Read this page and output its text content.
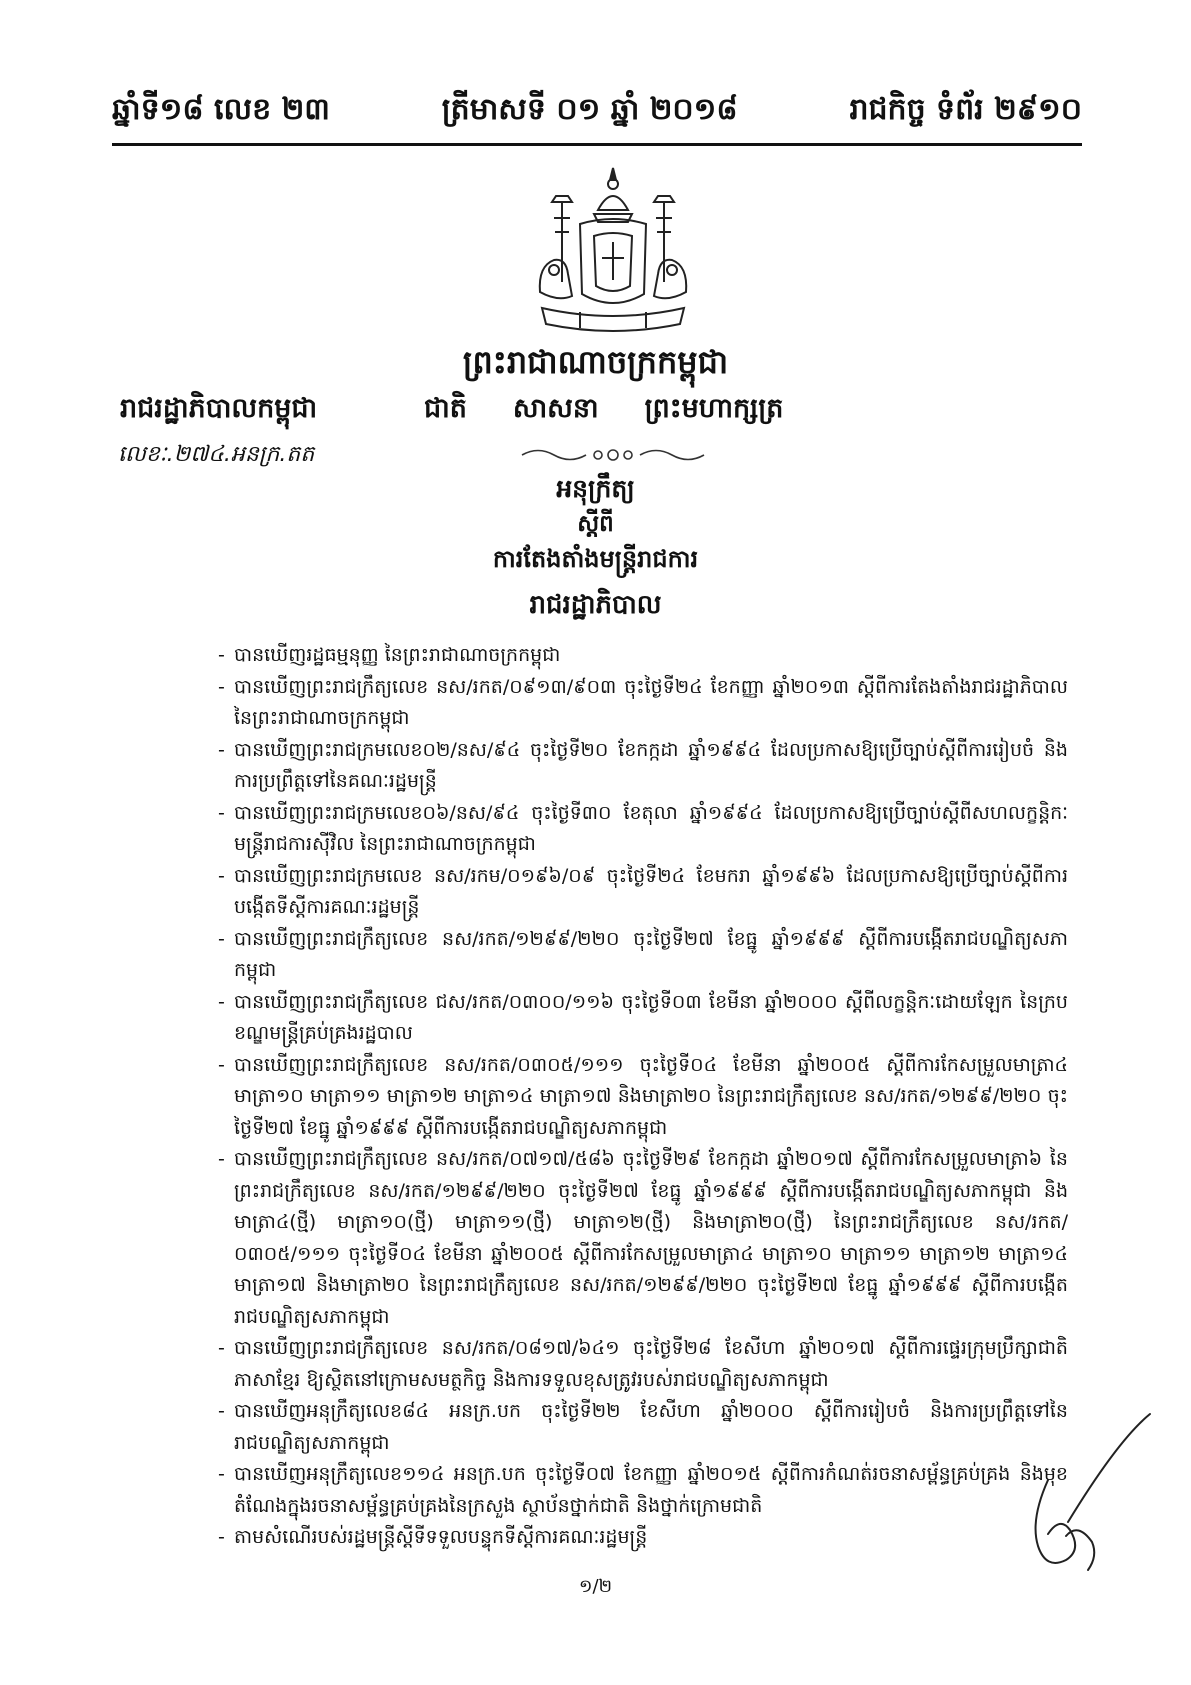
ឆ្នាំទី១៨ លេខ ២៣	ត្រីមាសទី ០១ ឆ្នាំ ២០១៨	រាជកិច្ច ទំព័រ ២៩១០
ព្រះរាជាណាចក្រកម្ពុជា
រាជរដ្ឋាភិបាលកម្ពុជា	ជាតិ សាសនា ព្រះមហាក្សត្រ
លេខៈ.២៧៤.អនក្រ.តត
អនុក្រឹត្យ
ស្ដីពី
ការតែងតាំងមន្ត្រីរាជការ
រាជរដ្ឋាភិបាល
- បានឃើញរដ្ឋធម្មនុញ្ញ នៃព្រះរាជាណាចក្រកម្ពុជា
- បានឃើញព្រះរាជក្រឹត្យលេខ នស/រកត/០៩១៣/៩០៣ ចុះថ្ងៃទី២៤ ខែកញ្ញា ឆ្នាំ២០១៣ ស្ដីពីការតែងតាំងរាជរដ្ឋាភិបាល នៃព្រះរាជាណាចក្រកម្ពុជា
- បានឃើញព្រះរាជក្រមលេខ០២/នស/៩៤ ចុះថ្ងៃទី២០ ខែកក្កដា ឆ្នាំ១៩៩៤ ដែលប្រកាសឱ្យប្រើច្បាប់ស្ដីពីការរៀបចំ និងការប្រព្រឹត្តទៅនៃគណៈរដ្ឋមន្ត្រី
- បានឃើញព្រះរាជក្រមលេខ០៦/នស/៩៤ ចុះថ្ងៃទី៣០ ខែតុលា ឆ្នាំ១៩៩៤ ដែលប្រកាសឱ្យប្រើច្បាប់ស្ដីពីសហលក្ខន្តិកៈមន្ត្រីរាជការស៊ីវិល នៃព្រះរាជាណាចក្រកម្ពុជា
- បានឃើញព្រះរាជក្រមលេខ នស/រកម/០១៩៦/០៩ ចុះថ្ងៃទី២៤ ខែមករា ឆ្នាំ១៩៩៦ ដែលប្រកាសឱ្យប្រើច្បាប់ស្ដីពីការបង្កើតទីស្ដីការគណៈរដ្ឋមន្ត្រី
- បានឃើញព្រះរាជក្រឹត្យលេខ នស/រកត/១២៩៩/២២០ ចុះថ្ងៃទី២៧ ខែធ្នូ ឆ្នាំ១៩៩៩ ស្ដីពីការបង្កើតរាជបណ្ឌិត្យសភាកម្ពុជា
- បានឃើញព្រះរាជក្រឹត្យលេខ ជស/រកត/០៣០០/១១៦ ចុះថ្ងៃទី០៣ ខែមីនា ឆ្នាំ២០០០ ស្ដីពីលក្ខន្តិកៈដោយឡែក នៃក្របខណ្ឌមន្ត្រីគ្រប់គ្រងរដ្ឋបាល
- បានឃើញព្រះរាជក្រឹត្យលេខ នស/រកត/០៣០៥/១១១ ចុះថ្ងៃទី០៤ ខែមីនា ឆ្នាំ២០០៥ ស្ដីពីការកែសម្រួលមាត្រា៤ មាត្រា១០ មាត្រា១១ មាត្រា១២ មាត្រា១៤ មាត្រា១៧ និងមាត្រា២០ នៃព្រះរាជក្រឹត្យលេខ នស/រកត/១២៩៩/២២០ ចុះថ្ងៃទី២៧ ខែធ្នូ ឆ្នាំ១៩៩៩ ស្ដីពីការបង្កើតរាជបណ្ឌិត្យសភាកម្ពុជា
- បានឃើញព្រះរាជក្រឹត្យលេខ នស/រកត/០៧១៧/៥៨៦ ចុះថ្ងៃទី២៩ ខែកក្កដា ឆ្នាំ២០១៧ ស្ដីពីការកែសម្រួលមាត្រា៦ នៃព្រះរាជក្រឹត្យលេខ នស/រកត/១២៩៩/២២០ ចុះថ្ងៃទី២៧ ខែធ្នូ ឆ្នាំ១៩៩៩ ស្ដីពីការបង្កើតរាជបណ្ឌិត្យសភាកម្ពុជា និងមាត្រា៤(ថ្មី) មាត្រា១០(ថ្មី) មាត្រា១១(ថ្មី) មាត្រា១២(ថ្មី) និងមាត្រា២០(ថ្មី) នៃព្រះរាជក្រឹត្យលេខ នស/រកត/០៣០៥/១១១ ចុះថ្ងៃទី០៤ ខែមីនា ឆ្នាំ២០០៥ ស្ដីពីការកែសម្រួលមាត្រា៤ មាត្រា១០ មាត្រា១១ មាត្រា១២ មាត្រា១៤ មាត្រា១៧ និងមាត្រា២០ នៃព្រះរាជក្រឹត្យលេខ នស/រកត/១២៩៩/២២០ ចុះថ្ងៃទី២៧ ខែធ្នូ ឆ្នាំ១៩៩៩ ស្ដីពីការបង្កើតរាជបណ្ឌិត្យសភាកម្ពុជា
- បានឃើញព្រះរាជក្រឹត្យលេខ នស/រកត/០៨១៧/៦៤១ ចុះថ្ងៃទី២៨ ខែសីហា ឆ្នាំ២០១៧ ស្ដីពីការផ្ទេរក្រុមប្រឹក្សាជាតិភាសាខ្មែរ ឱ្យស្ថិតនៅក្រោមសមត្ថកិច្ច និងការទទួលខុសត្រូវរបស់រាជបណ្ឌិត្យសភាកម្ពុជា
- បានឃើញអនុក្រឹត្យលេខ៨៤ អនក្រ.បក ចុះថ្ងៃទី២២ ខែសីហា ឆ្នាំ២០០០ ស្ដីពីការរៀបចំ និងការប្រព្រឹត្តទៅនៃរាជបណ្ឌិត្យសភាកម្ពុជា
- បានឃើញអនុក្រឹត្យលេខ១១៤ អនក្រ.បក ចុះថ្ងៃទី០៧ ខែកញ្ញា ឆ្នាំ២០១៥ ស្ដីពីការកំណត់រចនាសម្ព័ន្ធគ្រប់គ្រង និងមុខតំណែងក្នុងរចនាសម្ព័ន្ធគ្រប់គ្រងនៃក្រសួង ស្ថាប័នថ្នាក់ជាតិ និងថ្នាក់ក្រោមជាតិ
- តាមសំណើរបស់រដ្ឋមន្ត្រីស្ដីទីទទួលបន្ទុកទីស្ដីការគណៈរដ្ឋមន្ត្រី
១/២
